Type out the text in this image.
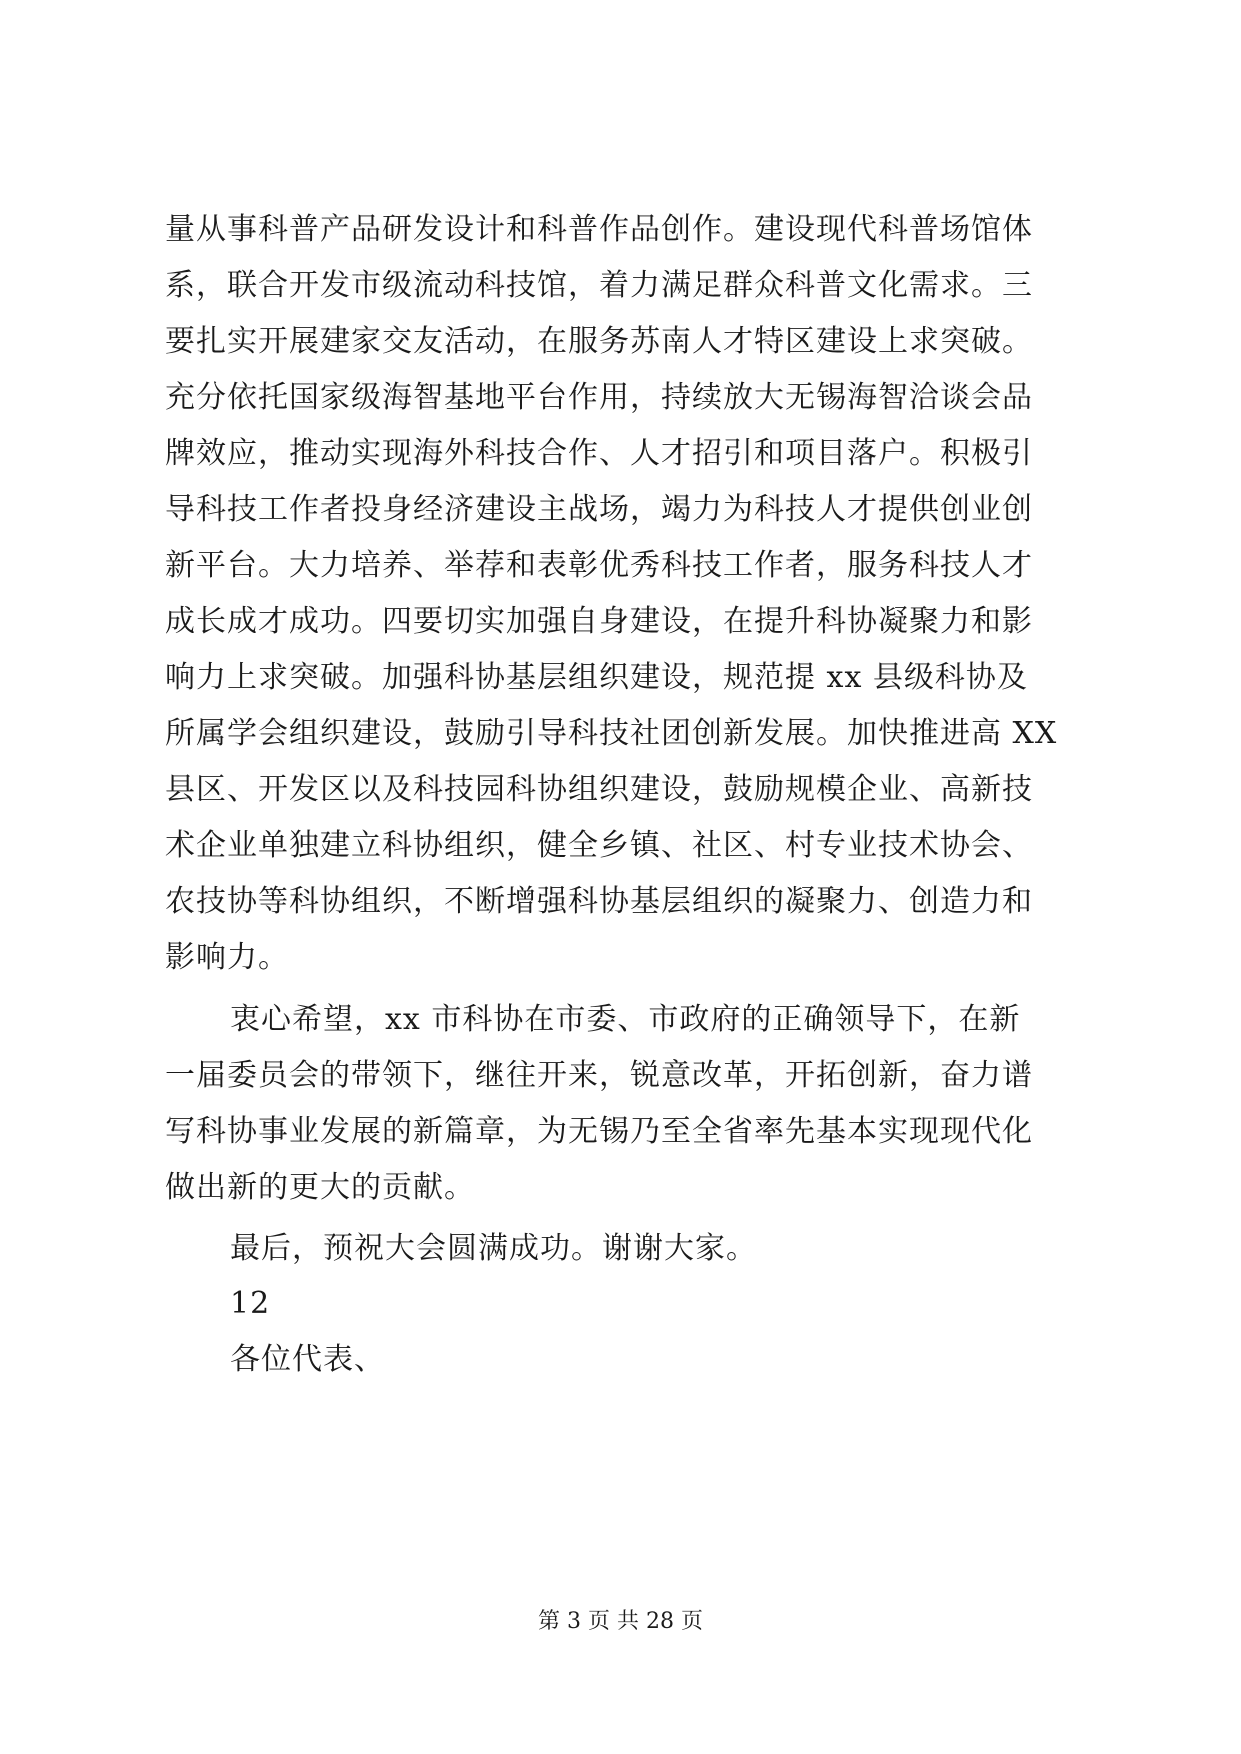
量从事科普产品研发设计和科普作品创作。建设现代科普场馆体
系，联合开发市级流动科技馆，着力满足群众科普文化需求。三
要扎实开展建家交友活动，在服务苏南人才特区建设上求突破。
充分依托国家级海智基地平台作用，持续放大无锡海智洽谈会品
牌效应，推动实现海外科技合作、人才招引和项目落户。积极引
导科技工作者投身经济建设主战场，竭力为科技人才提供创业创
新平台。大力培养、举荐和表彰优秀科技工作者，服务科技人才
成长成才成功。四要切实加强自身建设，在提升科协凝聚力和影
响力上求突破。加强科协基层组织建设，规范提 xx 县级科协及
所属学会组织建设，鼓励引导科技社团创新发展。加快推进高 XX
县区、开发区以及科技园科协组织建设，鼓励规模企业、高新技
术企业单独建立科协组织，健全乡镇、社区、村专业技术协会、
农技协等科协组织，不断增强科协基层组织的凝聚力、创造力和
影响力。
衷心希望，xx 市科协在市委、市政府的正确领导下，在新
一届委员会的带领下，继往开来，锐意改革，开拓创新，奋力谱
写科协事业发展的新篇章，为无锡乃至全省率先基本实现现代化
做出新的更大的贡献。
最后，预祝大会圆满成功。谢谢大家。
12
各位代表、
第 3 页 共 28 页
